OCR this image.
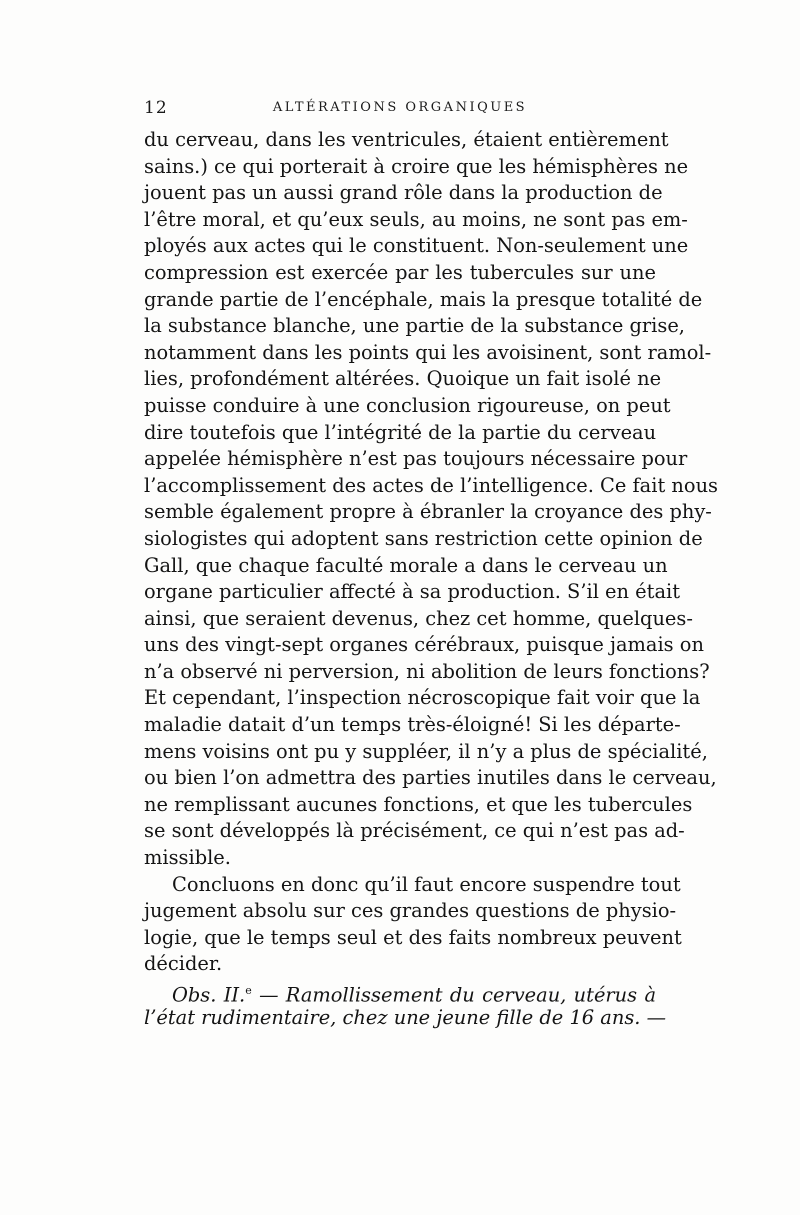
12	ALTÉRATIONS ORGANIQUES
du cerveau, dans les ventricules, étaient entièrement
sains.) ce qui porterait à croire que les hémisphères ne
jouent pas un aussi grand rôle dans la production de
l’être moral, et qu’eux seuls, au moins, ne sont pas em-
ployés aux actes qui le constituent. Non-seulement une
compression est exercée par les tubercules sur une
grande partie de l’encéphale, mais la presque totalité de
la substance blanche, une partie de la substance grise,
notamment dans les points qui les avoisinent, sont ramol-
lies, profondément altérées. Quoique un fait isolé ne
puisse conduire à une conclusion rigoureuse, on peut
dire toutefois que l’intégrité de la partie du cerveau
appelée hémisphère n’est pas toujours nécessaire pour
l’accomplissement des actes de l’intelligence. Ce fait nous
semble également propre à ébranler la croyance des phy-
siologistes qui adoptent sans restriction cette opinion de
Gall, que chaque faculté morale a dans le cerveau un
organe particulier affecté à sa production. S’il en était
ainsi, que seraient devenus, chez cet homme, quelques-
uns des vingt-sept organes cérébraux, puisque jamais on
n’a observé ni perversion, ni abolition de leurs fonctions?
Et cependant, l’inspection nécroscopique fait voir que la
maladie datait d’un temps très-éloigné! Si les départe-
mens voisins ont pu y suppléer, il n’y a plus de spécialité,
ou bien l’on admettra des parties inutiles dans le cerveau,
ne remplissant aucunes fonctions, et que les tubercules
se sont développés là précisément, ce qui n’est pas ad-
missible.
Concluons en donc qu’il faut encore suspendre tout
jugement absolu sur ces grandes questions de physio-
logie, que le temps seul et des faits nombreux peuvent
décider.
Obs. II.$^e$ — Ramollissement du cerveau, utérus à
l’état rudimentaire, chez une jeune fille de 16 ans. —
